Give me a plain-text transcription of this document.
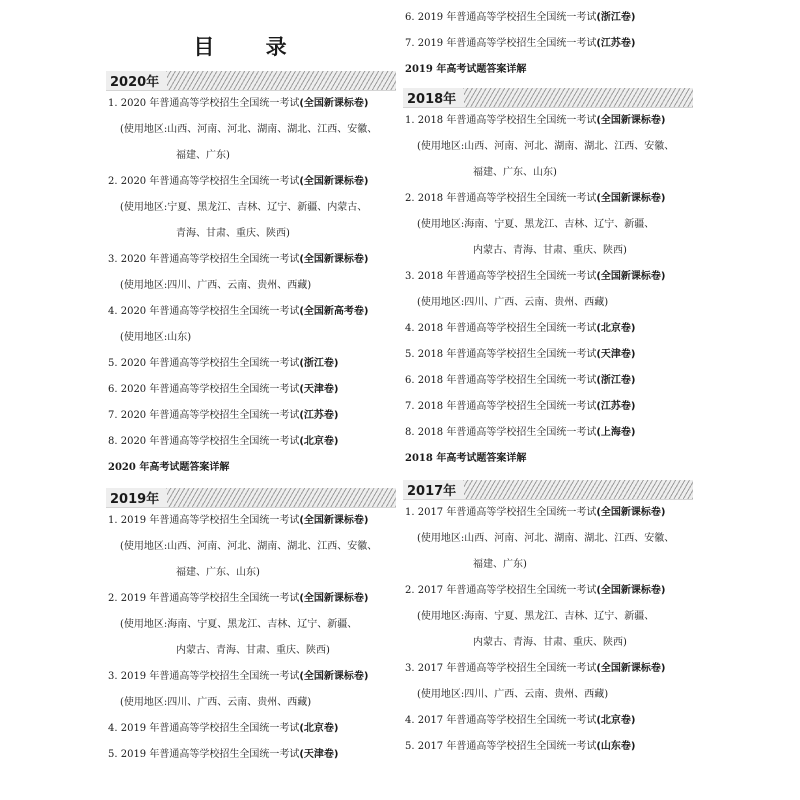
目 录
2020年
1. 2020 年普通高等学校招生全国统一考试(全国新课标卷)
(使用地区:山西、河南、河北、湖南、湖北、江西、安徽、
福建、广东)
2. 2020 年普通高等学校招生全国统一考试(全国新课标卷)
(使用地区:宁夏、黑龙江、吉林、辽宁、新疆、内蒙古、
青海、甘肃、重庆、陕西)
3. 2020 年普通高等学校招生全国统一考试(全国新课标卷)
(使用地区:四川、广西、云南、贵州、西藏)
4. 2020 年普通高等学校招生全国统一考试(全国新高考卷)
(使用地区:山东)
5. 2020 年普通高等学校招生全国统一考试(浙江卷)
6. 2020 年普通高等学校招生全国统一考试(天津卷)
7. 2020 年普通高等学校招生全国统一考试(江苏卷)
8. 2020 年普通高等学校招生全国统一考试(北京卷)
2020 年高考试题答案详解
2019年
1. 2019 年普通高等学校招生全国统一考试(全国新课标卷)
(使用地区:山西、河南、河北、湖南、湖北、江西、安徽、
福建、广东、山东)
2. 2019 年普通高等学校招生全国统一考试(全国新课标卷)
(使用地区:海南、宁夏、黑龙江、吉林、辽宁、新疆、
内蒙古、青海、甘肃、重庆、陕西)
3. 2019 年普通高等学校招生全国统一考试(全国新课标卷)
(使用地区:四川、广西、云南、贵州、西藏)
4. 2019 年普通高等学校招生全国统一考试(北京卷)
5. 2019 年普通高等学校招生全国统一考试(天津卷)
6. 2019 年普通高等学校招生全国统一考试(浙江卷)
7. 2019 年普通高等学校招生全国统一考试(江苏卷)
2019 年高考试题答案详解
2018年
1. 2018 年普通高等学校招生全国统一考试(全国新课标卷)
(使用地区:山西、河南、河北、湖南、湖北、江西、安徽、
福建、广东、山东)
2. 2018 年普通高等学校招生全国统一考试(全国新课标卷)
(使用地区:海南、宁夏、黑龙江、吉林、辽宁、新疆、
内蒙古、青海、甘肃、重庆、陕西)
3. 2018 年普通高等学校招生全国统一考试(全国新课标卷)
(使用地区:四川、广西、云南、贵州、西藏)
4. 2018 年普通高等学校招生全国统一考试(北京卷)
5. 2018 年普通高等学校招生全国统一考试(天津卷)
6. 2018 年普通高等学校招生全国统一考试(浙江卷)
7. 2018 年普通高等学校招生全国统一考试(江苏卷)
8. 2018 年普通高等学校招生全国统一考试(上海卷)
2018 年高考试题答案详解
2017年
1. 2017 年普通高等学校招生全国统一考试(全国新课标卷)
(使用地区:山西、河南、河北、湖南、湖北、江西、安徽、
福建、广东)
2. 2017 年普通高等学校招生全国统一考试(全国新课标卷)
(使用地区:海南、宁夏、黑龙江、吉林、辽宁、新疆、
内蒙古、青海、甘肃、重庆、陕西)
3. 2017 年普通高等学校招生全国统一考试(全国新课标卷)
(使用地区:四川、广西、云南、贵州、西藏)
4. 2017 年普通高等学校招生全国统一考试(北京卷)
5. 2017 年普通高等学校招生全国统一考试(山东卷)
